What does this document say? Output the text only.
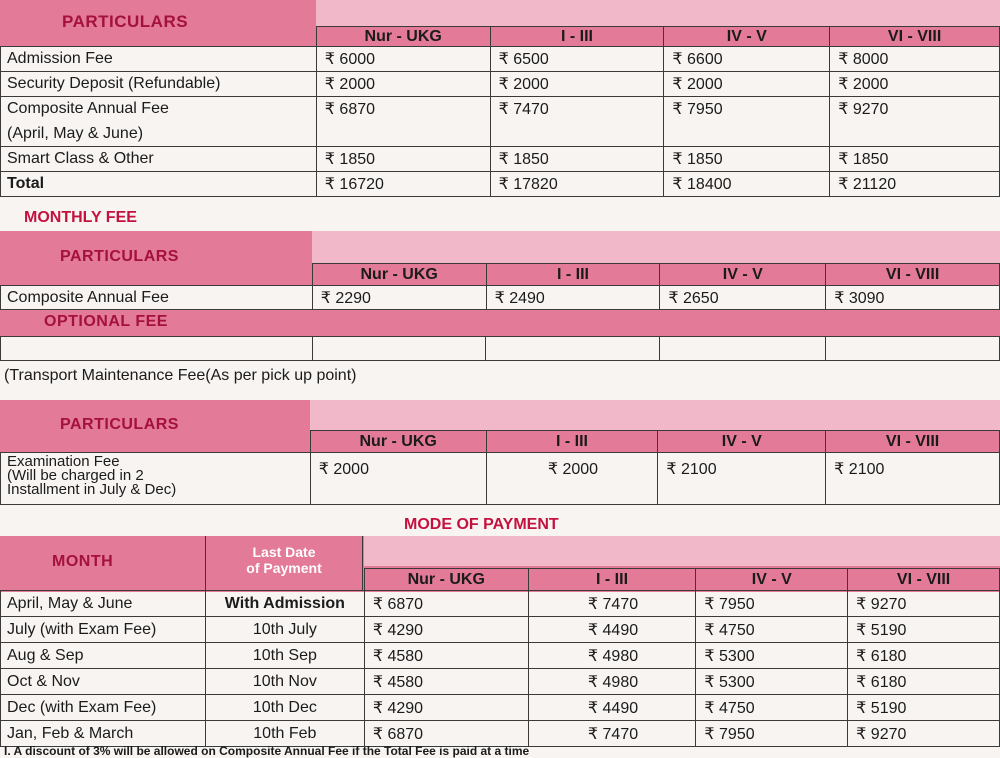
PARTICULARS
	Nur - UKG	I - III	IV - V	VI - VIII
Admission Fee	₹ 6000	₹ 6500	₹ 6600	₹ 8000
Security Deposit (Refundable)	₹ 2000	₹ 2000	₹ 2000	₹ 2000
Composite Annual Fee	₹ 6870	₹ 7470	₹ 7950	₹ 9270
(April, May & June)				
Smart Class & Other	₹ 1850	₹ 1850	₹ 1850	₹ 1850
Total	₹ 16720	₹ 17820	₹ 18400	₹ 21120
MONTHLY FEE
PARTICULARS
	Nur - UKG	I - III	IV - V	VI - VIII
Composite Annual Fee	₹ 2290	₹ 2490	₹ 2650	₹ 3090
OPTIONAL FEE

(Transport Maintenance Fee(As per pick up point)
PARTICULARS
	Nur - UKG	I - III	IV - V	VI - VIII

Examination Fee
(Will be charged in 2
Installment in July & Dec)	₹ 2000	₹ 2000	₹ 2100	₹ 2100
MODE OF PAYMENT
MONTH
Last Date
of Payment
		Nur - UKG	I - III	IV - V	VI - VIII
April, May & June	With Admission	₹ 6870	₹ 7470	₹ 7950	₹ 9270
July (with Exam Fee)	10th July	₹ 4290	₹ 4490	₹ 4750	₹ 5190
Aug & Sep	10th Sep	₹ 4580	₹ 4980	₹ 5300	₹ 6180
Oct & Nov	10th Nov	₹ 4580	₹ 4980	₹ 5300	₹ 6180
Dec (with Exam Fee)	10th Dec	₹ 4290	₹ 4490	₹ 4750	₹ 5190
Jan, Feb & March	10th Feb	₹ 6870	₹ 7470	₹ 7950	₹ 9270
I. A discount of 3% will be allowed on Composite Annual Fee if the Total Fee is paid at a time
